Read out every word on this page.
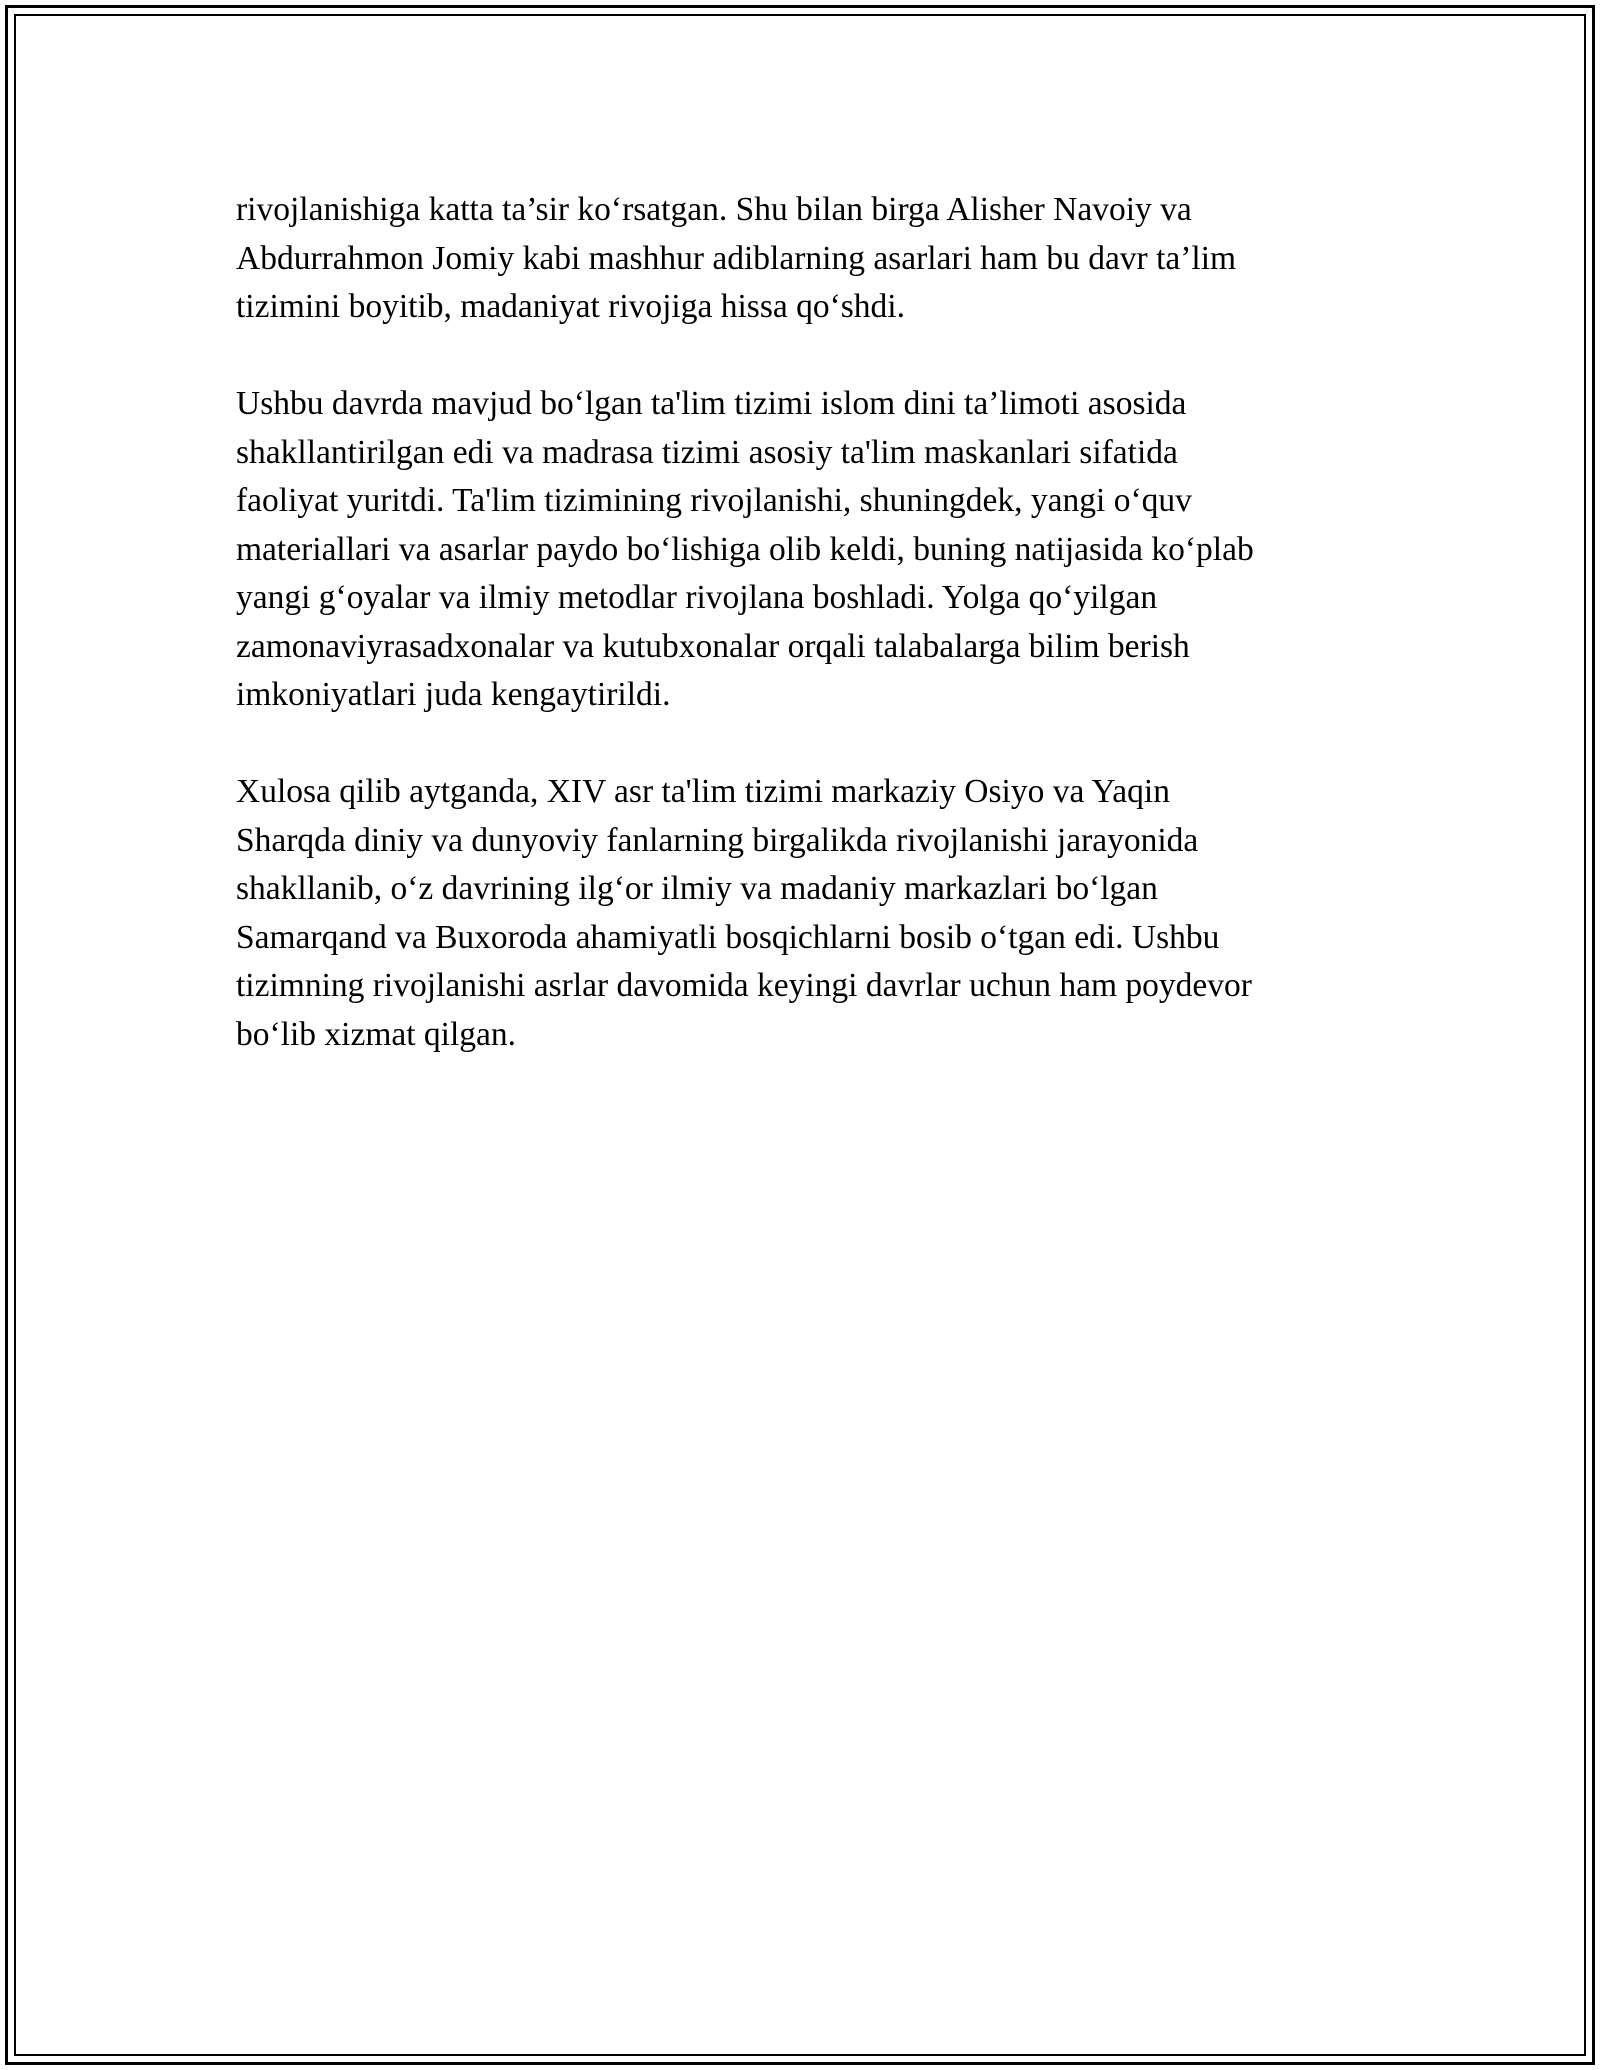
rivojlanishiga katta ta’sir ko‘rsatgan. Shu bilan birga Alisher Navoiy va
Abdurrahmon Jomiy kabi mashhur adiblarning asarlari ham bu davr ta’lim
tizimini boyitib, madaniyat rivojiga hissa qo‘shdi.

Ushbu davrda mavjud bo‘lgan ta'lim tizimi islom dini ta’limoti asosida
shakllantirilgan edi va madrasa tizimi asosiy ta'lim maskanlari sifatida
faoliyat yuritdi. Ta'lim tizimining rivojlanishi, shuningdek, yangi o‘quv
materiallari va asarlar paydo bo‘lishiga olib keldi, buning natijasida ko‘plab
yangi g‘oyalar va ilmiy metodlar rivojlana boshladi. Yolga qo‘yilgan
zamonaviyrasadxonalar va kutubxonalar orqali talabalarga bilim berish
imkoniyatlari juda kengaytirildi.

Xulosa qilib aytganda, XIV asr ta'lim tizimi markaziy Osiyo va Yaqin
Sharqda diniy va dunyoviy fanlarning birgalikda rivojlanishi jarayonida
shakllanib, o‘z davrining ilg‘or ilmiy va madaniy markazlari bo‘lgan
Samarqand va Buxoroda ahamiyatli bosqichlarni bosib o‘tgan edi. Ushbu
tizimning rivojlanishi asrlar davomida keyingi davrlar uchun ham poydevor
bo‘lib xizmat qilgan.
